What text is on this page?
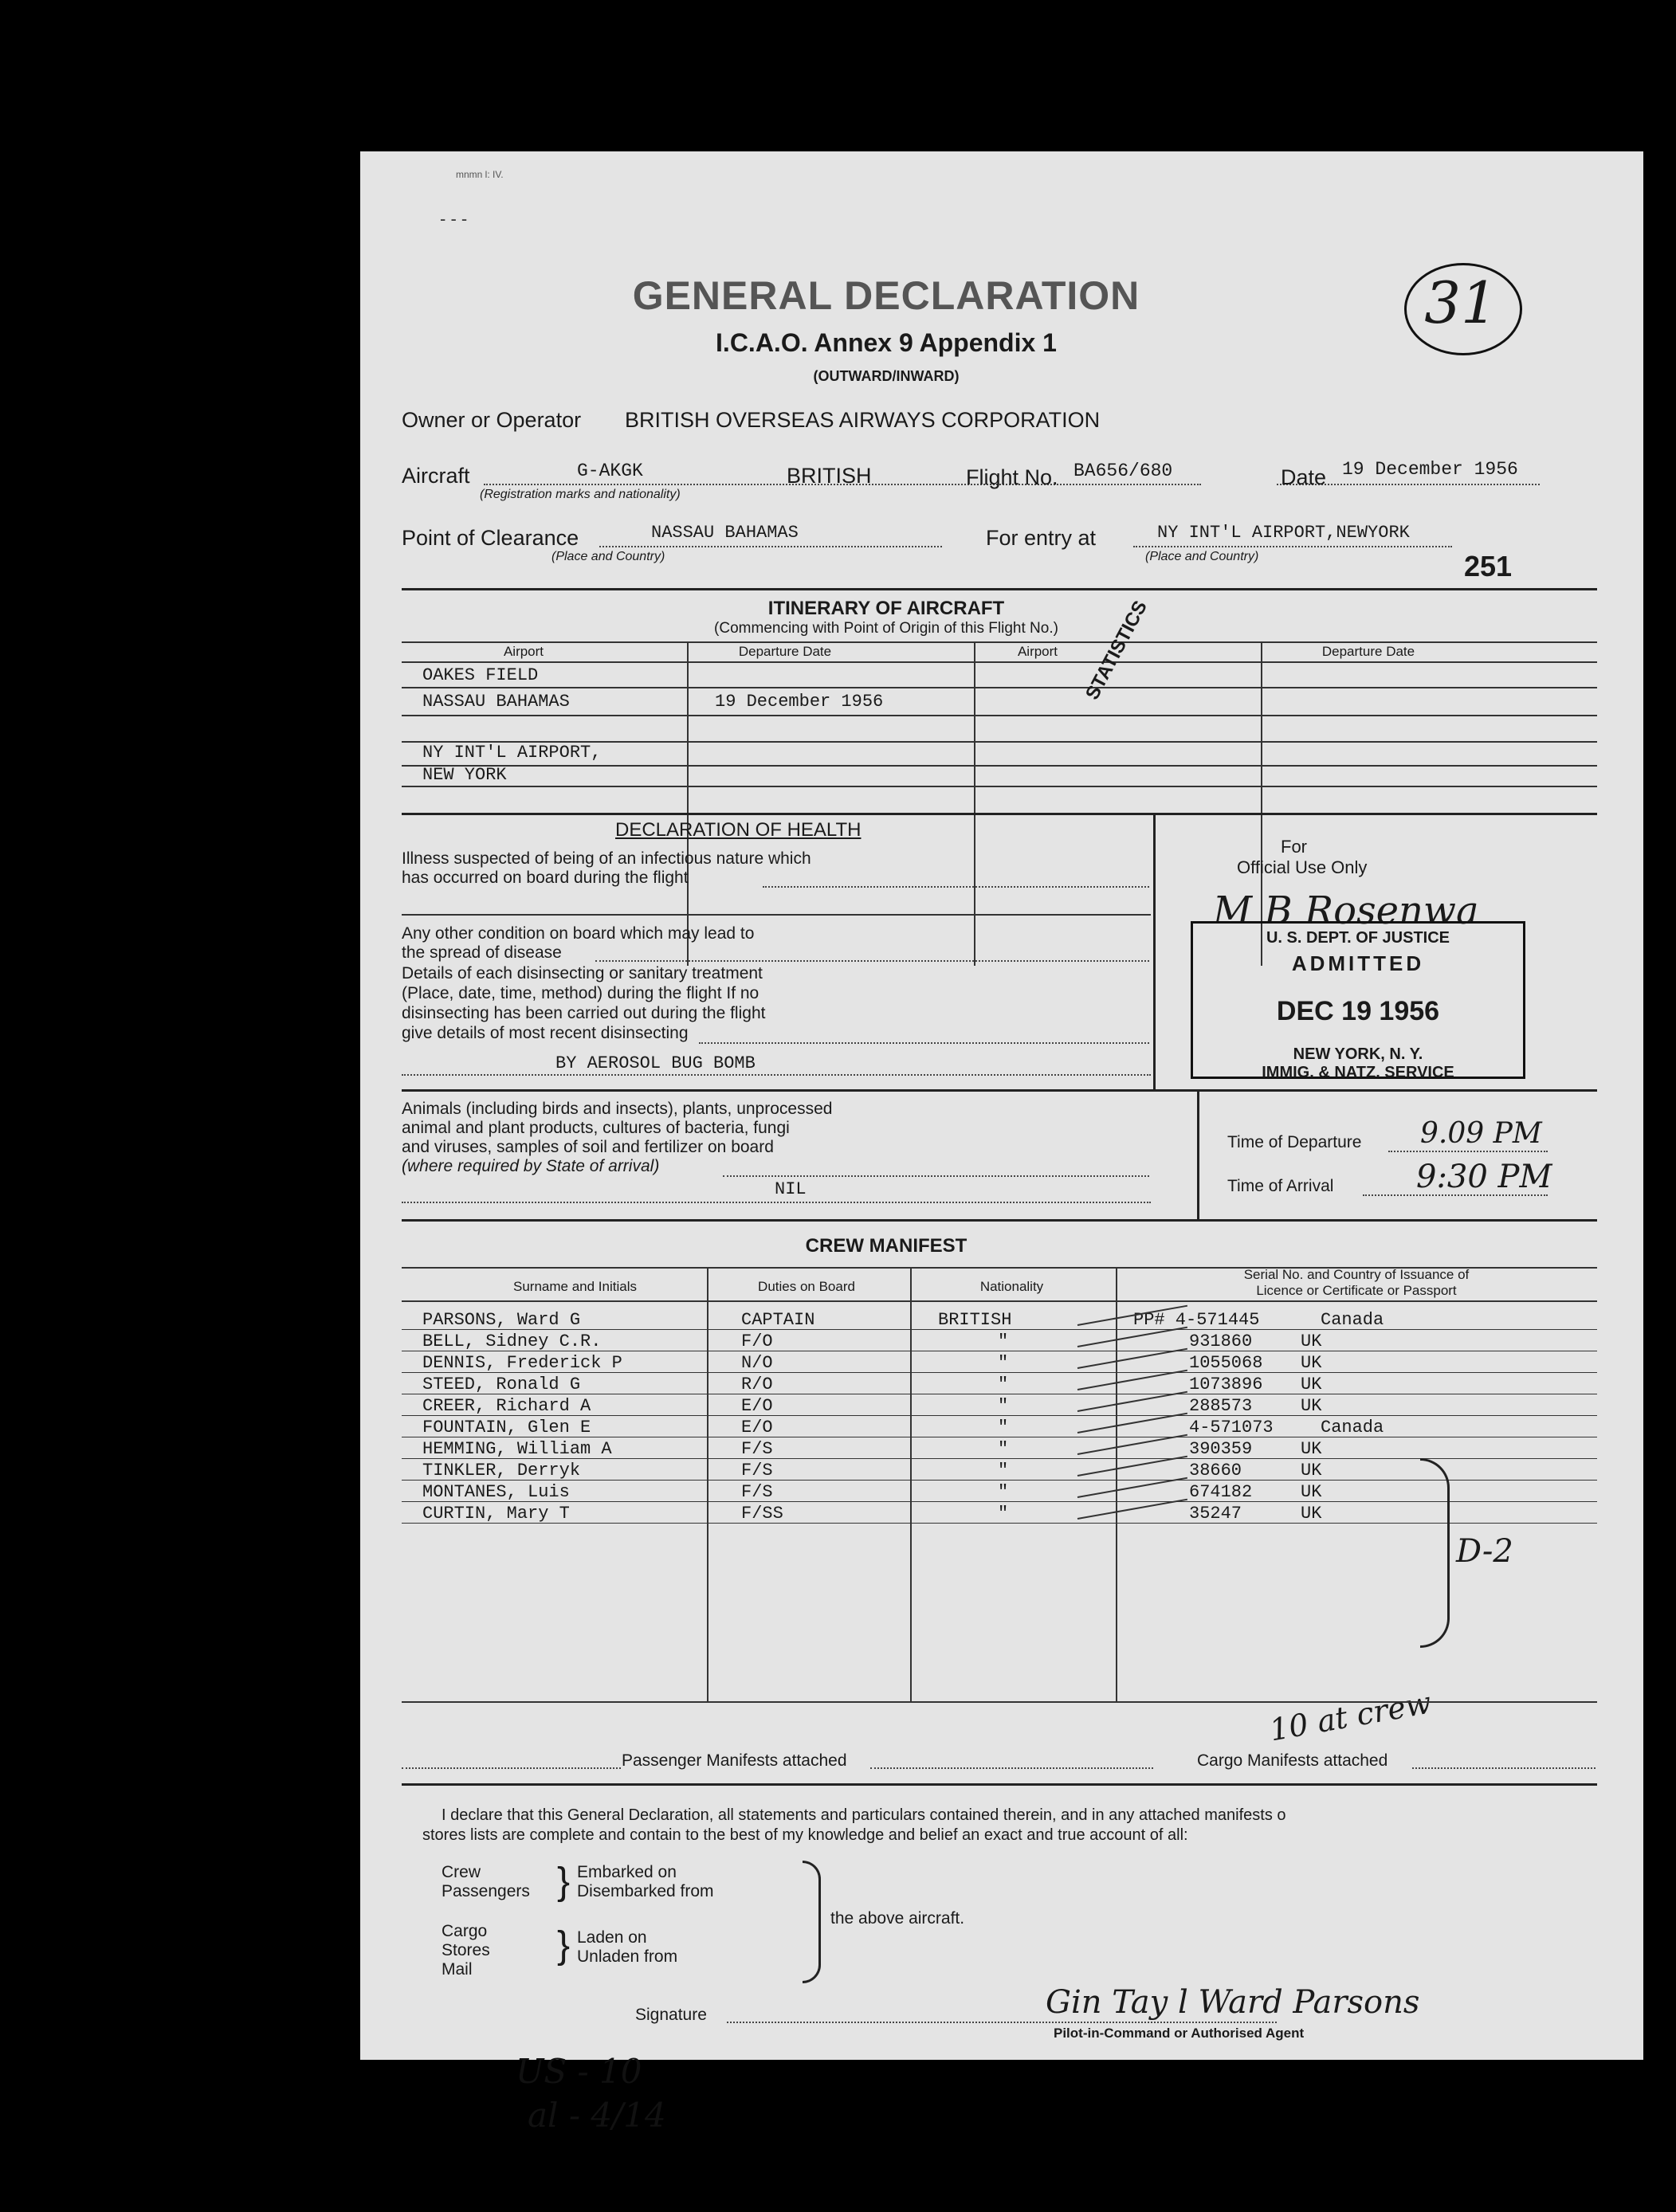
mnmn l: IV.
- - -
GENERAL DECLARATION
I.C.A.O. Annex 9 Appendix 1
(OUTWARD/INWARD)
31
Owner or Operator BRITISH OVERSEAS AIRWAYS CORPORATION
Aircraft	G-AKGK	BRITISH
(Registration marks and nationality)
Flight No. BA656/680	Date 19 December 1956
Point of Clearance	NASSAU BAHAMAS
(Place and Country)
For entry at	NY INT'L AIRPORT,NEWYORK
(Place and Country)	251
ITINERARY OF AIRCRAFT
(Commencing with Point of Origin of this Flight No.)
Airport	Departure Date	Airport	Departure Date
OAKES FIELD
NASSAU BAHAMAS	19 December 1956
NY INT'L AIRPORT,
NEW YORK
STATISTICS
DECLARATION OF HEALTH
Illness suspected of being of an infectious nature which
has occurred on board during the flight
Any other condition on board which may lead to
the spread of disease
Details of each disinsecting or sanitary treatment
(Place, date, time, method) during the flight If no
disinsecting has been carried out during the flight
give details of most recent disinsecting
BY AEROSOL BUG BOMB
For
Official Use Only
M B Rosenwa
U. S. DEPT. OF JUSTICE
ADMITTED
DEC 19 1956
NEW YORK, N. Y.
IMMIG. & NATZ. SERVICE
Animals (including birds and insects), plants, unprocessed
animal and plant products, cultures of bacteria, fungi
and viruses, samples of soil and fertilizer on board
(where required by State of arrival)
NIL
Time of Departure 9.09 PM
Time of Arrival	9:30 PM
CREW MANIFEST
Surname and Initials	Duties on Board	Nationality
Serial No. and Country of Issuance of
Licence or Certificate or Passport
PARSONS, Ward G	CAPTAIN	BRITISH	PP# 4-571445	Canada
BELL, Sidney C.R.	F/O	"	931860	UK
DENNIS, Frederick P	N/O	"	1055068 UK
STEED, Ronald G	R/O	"	1073896 UK
CREER, Richard A	E/O	"	288573	UK
FOUNTAIN, Glen E	E/O	"	4-571073	Canada
HEMMING, William A	F/S	"	390359	UK
TINKLER, Derryk	F/S	"	38660	UK
MONTANES, Luis	F/S	"	674182	UK
CURTIN, Mary T	F/SS	"	35247	UK
D-2
10 at crew
Passenger Manifests attached	Cargo Manifests attached
I declare that this General Declaration, all statements and particulars contained therein, and in any attached manifests o
stores lists are complete and contain to the best of my knowledge and belief an exact and true account of all:
Crew
Passengers } Embarked on
Disembarked from
Cargo
Stores
Mail
} Laden on
Unladen from
the above aircraft.
Signature	Gin Tay l Ward Parsons
Pilot-in-Command or Authorised Agent
US - 10
al - 4/14
